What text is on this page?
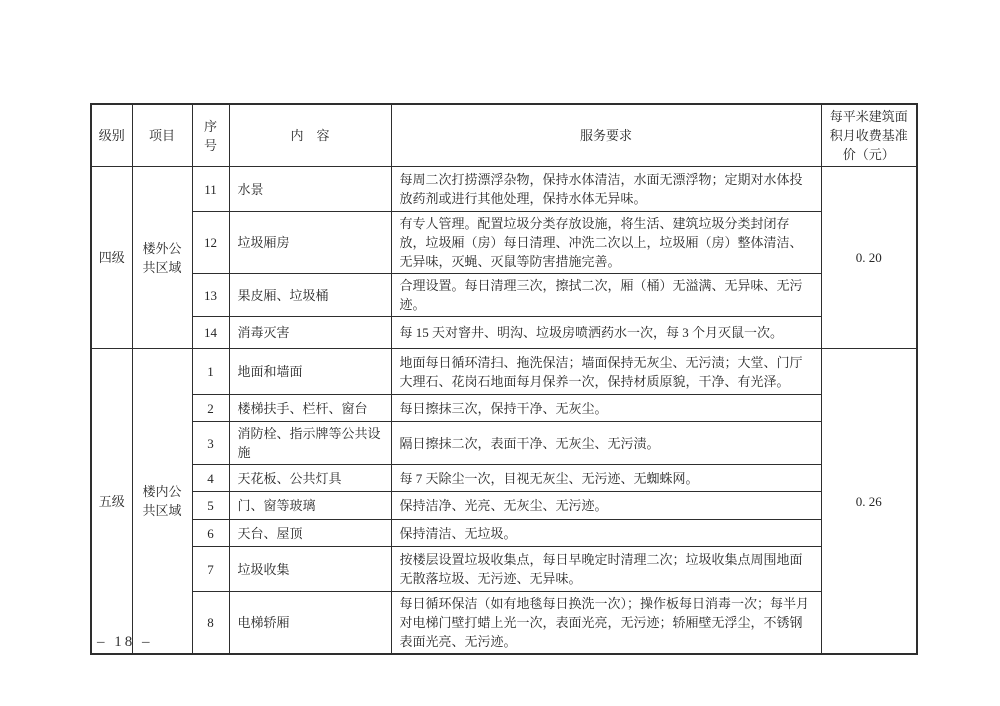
级别	项目	序号	内　容	服务要求	每平米建筑面积月收费基准价（元）
四级	楼外公共区域	11	水景	每周二次打捞漂浮杂物，保持水体清洁，水面无漂浮物；定期对水体投放药剂或进行其他处理，保持水体无异味。	0. 20
		12	垃圾厢房	有专人管理。配置垃圾分类存放设施，将生活、建筑垃圾分类封闭存放，垃圾厢（房）每日清理、冲洗二次以上，垃圾厢（房）整体清洁、无异味，灭蝇、灭鼠等防害措施完善。	
		13	果皮厢、垃圾桶	合理设置。每日清理三次，擦拭二次，厢（桶）无溢满、无异味、无污迹。	
		14	消毒灭害	每 15 天对窨井、明沟、垃圾房喷洒药水一次，每 3 个月灭鼠一次。	
五级	楼内公共区域	1	地面和墙面	地面每日循环清扫、拖洗保洁；墙面保持无灰尘、无污渍；大堂、门厅大理石、花岗石地面每月保养一次，保持材质原貌，干净、有光泽。	0. 26
		2	楼梯扶手、栏杆、窗台	每日擦抹三次，保持干净、无灰尘。	
		3	消防栓、指示牌等公共设施	隔日擦抹二次，表面干净、无灰尘、无污渍。	
		4	天花板、公共灯具	每 7 天除尘一次，目视无灰尘、无污迹、无蜘蛛网。	
		5	门、窗等玻璃	保持洁净、光亮、无灰尘、无污迹。	
		6	天台、屋顶	保持清洁、无垃圾。	
		7	垃圾收集	按楼层设置垃圾收集点，每日早晚定时清理二次；垃圾收集点周围地面无散落垃圾、无污迹、无异味。	
		8	电梯轿厢	每日循环保洁（如有地毯每日换洗一次）；操作板每日消毒一次；每半月对电梯门壁打蜡上光一次，表面光亮，无污迹；轿厢壁无浮尘，不锈钢表面光亮、无污迹。	
– 18 –
